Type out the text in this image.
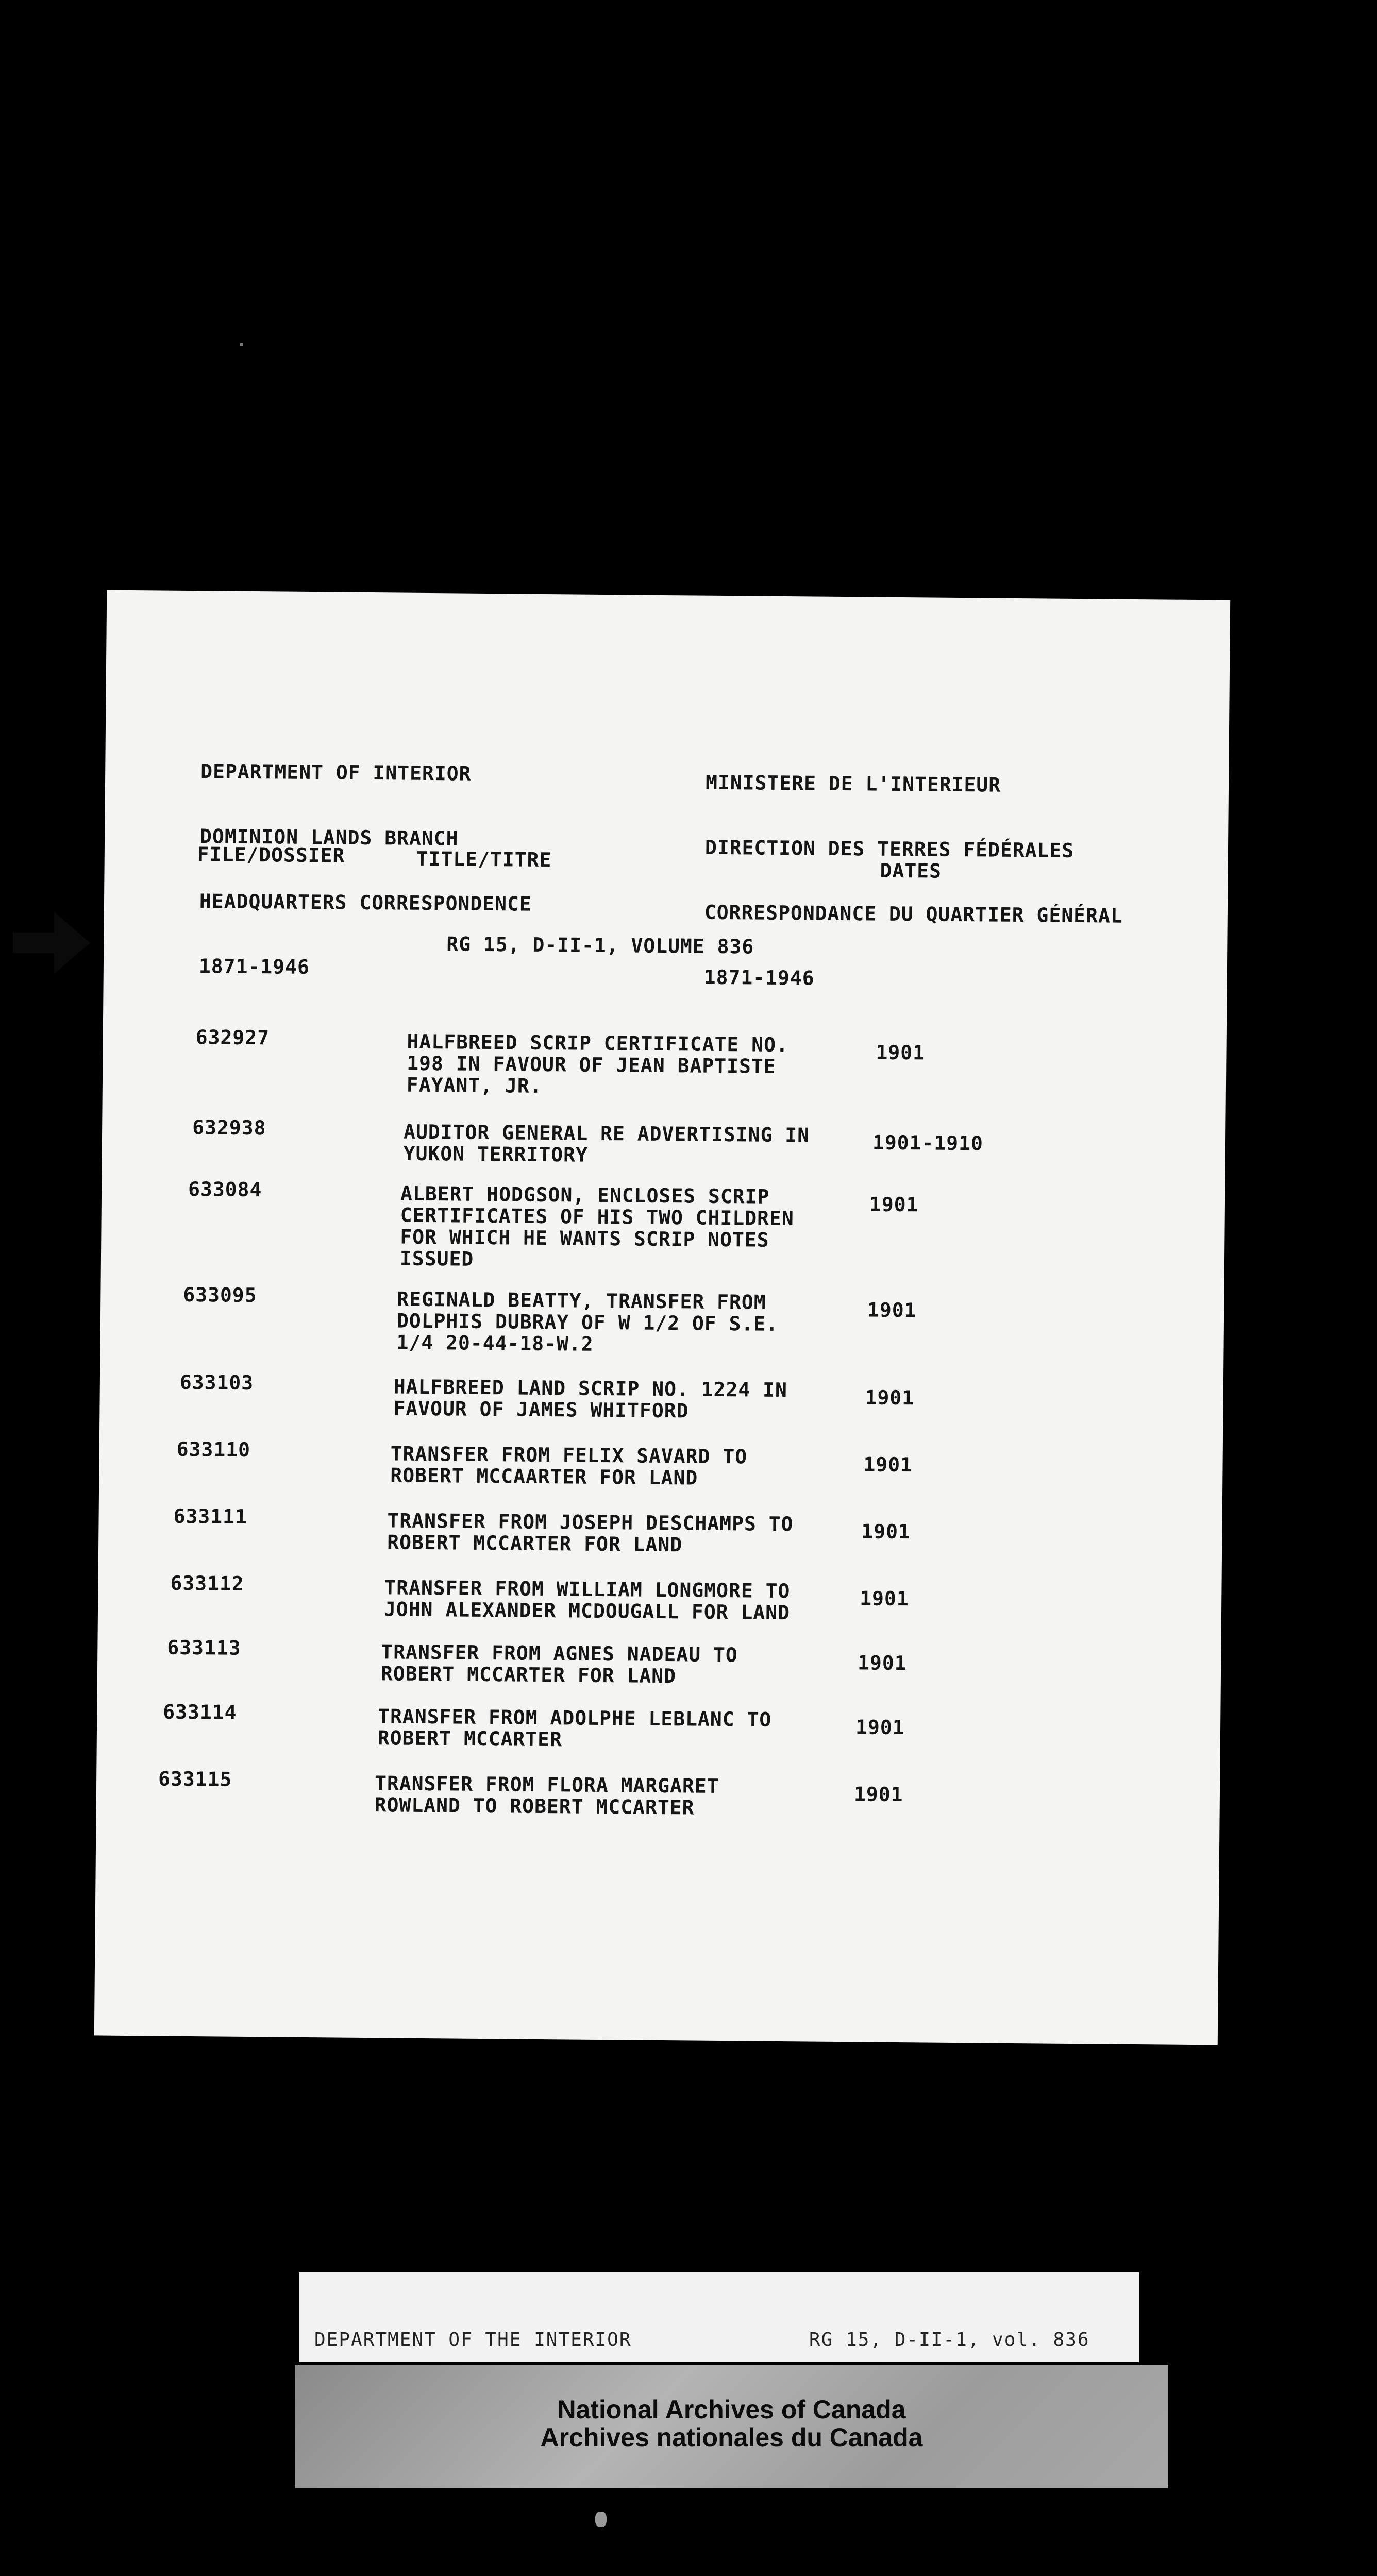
DEPARTMENT OF INTERIOR

DOMINION LANDS BRANCH

HEADQUARTERS CORRESPONDENCE

1871-1946

MINISTERE DE L'INTERIEUR

DIRECTION DES TERRES FÉDÉRALES

CORRESPONDANCE DU QUARTIER GÉNÉRAL

1871-1946

FILE/DOSSIER	TITLE/TITRE	DATES
RG 15, D-II-1, VOLUME 836
632927	HALFBREED SCRIP CERTIFICATE NO.
198 IN FAVOUR OF JEAN BAPTISTE
FAYANT, JR.
1901
632938	AUDITOR GENERAL RE ADVERTISING IN
YUKON TERRITORY	1901-1910
633084	ALBERT HODGSON, ENCLOSES SCRIP
CERTIFICATES OF HIS TWO CHILDREN
FOR WHICH HE WANTS SCRIP NOTES
ISSUED
1901
633095	REGINALD BEATTY, TRANSFER FROM
DOLPHIS DUBRAY OF W 1/2 OF S.E.
1/4 20-44-18-W.2
1901
633103	HALFBREED LAND SCRIP NO. 1224 IN
FAVOUR OF JAMES WHITFORD	1901
633110	TRANSFER FROM FELIX SAVARD TO
ROBERT MCCAARTER FOR LAND	1901
633111	TRANSFER FROM JOSEPH DESCHAMPS TO
ROBERT MCCARTER FOR LAND	1901
633112	TRANSFER FROM WILLIAM LONGMORE TO
JOHN ALEXANDER MCDOUGALL FOR LAND	1901
633113	TRANSFER FROM AGNES NADEAU TO
ROBERT MCCARTER FOR LAND	1901
633114	TRANSFER FROM ADOLPHE LEBLANC TO
ROBERT MCCARTER	1901
633115	TRANSFER FROM FLORA MARGARET
ROWLAND TO ROBERT MCCARTER	1901

DEPARTMENT OF THE INTERIOR

	RG 15, D-II-1, vol. 836

National Archives of Canada
Archives nationales du Canada
